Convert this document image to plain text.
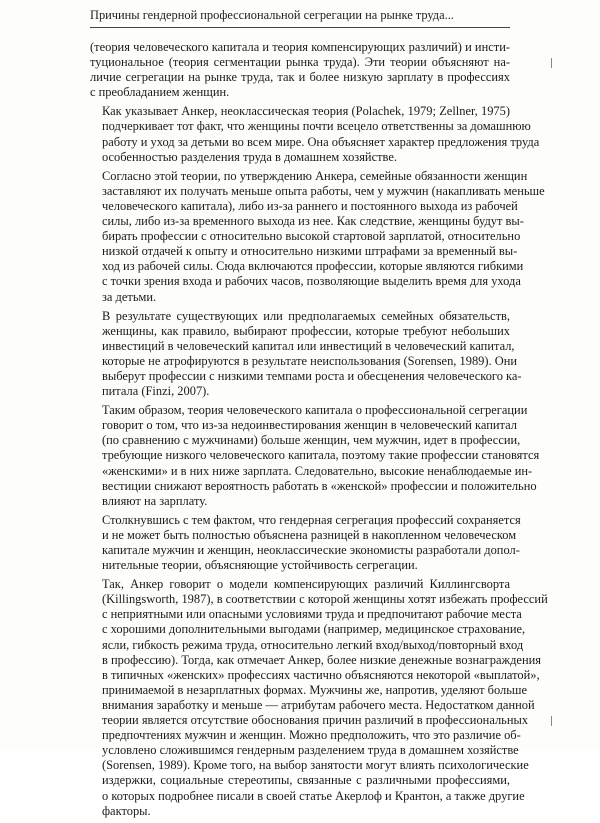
Причины гендерной профессиональной сегрегации на рынке труда...

(теория человеческого капитала и теория компенсирующих различий) и инсти-
туциональное (теория сегментации рынка труда). Эти теории объясняют на-
личие сегрегации на рынке труда, так и более низкую зарплату в профессиях
с преобладанием женщин.

Как указывает Анкер, неоклассическая теория (Polachek, 1979; Zellner, 1975)
подчеркивает тот факт, что женщины почти всецело ответственны за домашнюю
работу и уход за детьми во всем мире. Она объясняет характер предложения труда
особенностью разделения труда в домашнем хозяйстве.

Согласно этой теории, по утверждению Анкера, семейные обязанности женщин
заставляют их получать меньше опыта работы, чем у мужчин (накапливать меньше
человеческого капитала), либо из-за раннего и постоянного выхода из рабочей
силы, либо из-за временного выхода из нее. Как следствие, женщины будут вы-
бирать профессии с относительно высокой стартовой зарплатой, относительно
низкой отдачей к опыту и относительно низкими штрафами за временный вы-
ход из рабочей силы. Сюда включаются профессии, которые являются гибкими
с точки зрения входа и рабочих часов, позволяющие выделить время для ухода
за детьми.

В результате существующих или предполагаемых семейных обязательств,
женщины, как правило, выбирают профессии, которые требуют небольших
инвестиций в человеческий капитал или инвестиций в человеческий капитал,
которые не атрофируются в результате неиспользования (Sorensen, 1989). Они
выберут профессии с низкими темпами роста и обесценения человеческого ка-
питала (Finzi, 2007).

Таким образом, теория человеческого капитала о профессиональной сегрегации
говорит о том, что из-за недоинвестирования женщин в человеческий капитал
(по сравнению с мужчинами) больше женщин, чем мужчин, идет в профессии,
требующие низкого человеческого капитала, поэтому такие профессии становятся
«женскими» и в них ниже зарплата. Следовательно, высокие ненаблюдаемые ин-
вестиции снижают вероятность работать в «женской» профессии и положительно
влияют на зарплату.

Столкнувшись с тем фактом, что гендерная сегрегация профессий сохраняется
и не может быть полностью объяснена разницей в накопленном человеческом
капитале мужчин и женщин, неоклассические экономисты разработали допол-
нительные теории, объясняющие устойчивость сегрегации.

Так, Анкер говорит о модели компенсирующих различий Киллингсворта
(Killingsworth, 1987), в соответствии с которой женщины хотят избежать профессий
с неприятными или опасными условиями труда и предпочитают рабочие места
с хорошими дополнительными выгодами (например, медицинское страхование,
ясли, гибкость режима труда, относительно легкий вход/выход/повторный вход
в профессию). Тогда, как отмечает Анкер, более низкие денежные вознаграждения
в типичных «женских» профессиях частично объясняются некоторой «выплатой»,
принимаемой в незарплатных формах. Мужчины же, напротив, уделяют больше
внимания заработку и меньше — атрибутам рабочего места. Недостатком данной
теории является отсутствие обоснования причин различий в профессиональных
предпочтениях мужчин и женщин. Можно предположить, что это различие об-
условлено сложившимся гендерным разделением труда в домашнем хозяйстве
(Sorensen, 1989). Кроме того, на выбор занятости могут влиять психологические
издержки, социальные стереотипы, связанные с различными профессиями,
о которых подробнее писали в своей статье Акерлоф и Крантон, а также другие
факторы.
